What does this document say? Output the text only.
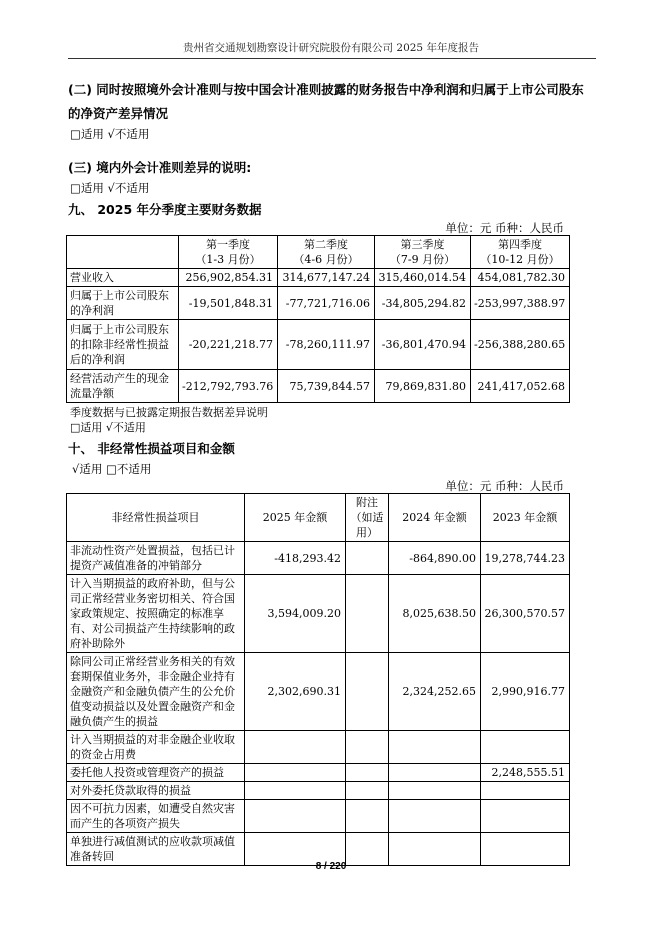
贵州省交通规划勘察设计研究院股份有限公司 2025 年年度报告
(二) 同时按照境外会计准则与按中国会计准则披露的财务报告中净利润和归属于上市公司股东
的净资产差异情况
□适用 √不适用
(三) 境内外会计准则差异的说明:
□适用 √不适用
九、 2025 年分季度主要财务数据
单位：元 币种：人民币
	第一季度
（1-3 月份）	第二季度
（4-6 月份）	第三季度
（7-9 月份）	第四季度
（10-12 月份）
营业收入	256,902,854.31	314,677,147.24	315,460,014.54	454,081,782.30
归属于上市公司股东的净利润	-19,501,848.31	-77,721,716.06	-34,805,294.82	-253,997,388.97
归属于上市公司股东的扣除非经常性损益后的净利润	-20,221,218.77	-78,260,111.97	-36,801,470.94	-256,388,280.65
经营活动产生的现金流量净额	-212,792,793.76	75,739,844.57	79,869,831.80	241,417,052.68
季度数据与已披露定期报告数据差异说明
□适用 √不适用
十、 非经常性损益项目和金额
√适用 □不适用
单位：元 币种：人民币
非经常性损益项目	2025 年金额	附注（如适用）	2024 年金额	2023 年金额
非流动性资产处置损益，包括已计提资产减值准备的冲销部分	-418,293.42		-864,890.00	19,278,744.23
计入当期损益的政府补助，但与公司正常经营业务密切相关、符合国家政策规定、按照确定的标准享有、对公司损益产生持续影响的政府补助除外	3,594,009.20		8,025,638.50	26,300,570.57
除同公司正常经营业务相关的有效套期保值业务外，非金融企业持有金融资产和金融负债产生的公允价值变动损益以及处置金融资产和金融负债产生的损益	2,302,690.31		2,324,252.65	2,990,916.77
计入当期损益的对非金融企业收取的资金占用费				
委托他人投资或管理资产的损益				2,248,555.51
对外委托贷款取得的损益				
因不可抗力因素，如遭受自然灾害而产生的各项资产损失				
单独进行减值测试的应收款项减值准备转回				
8 / 220
